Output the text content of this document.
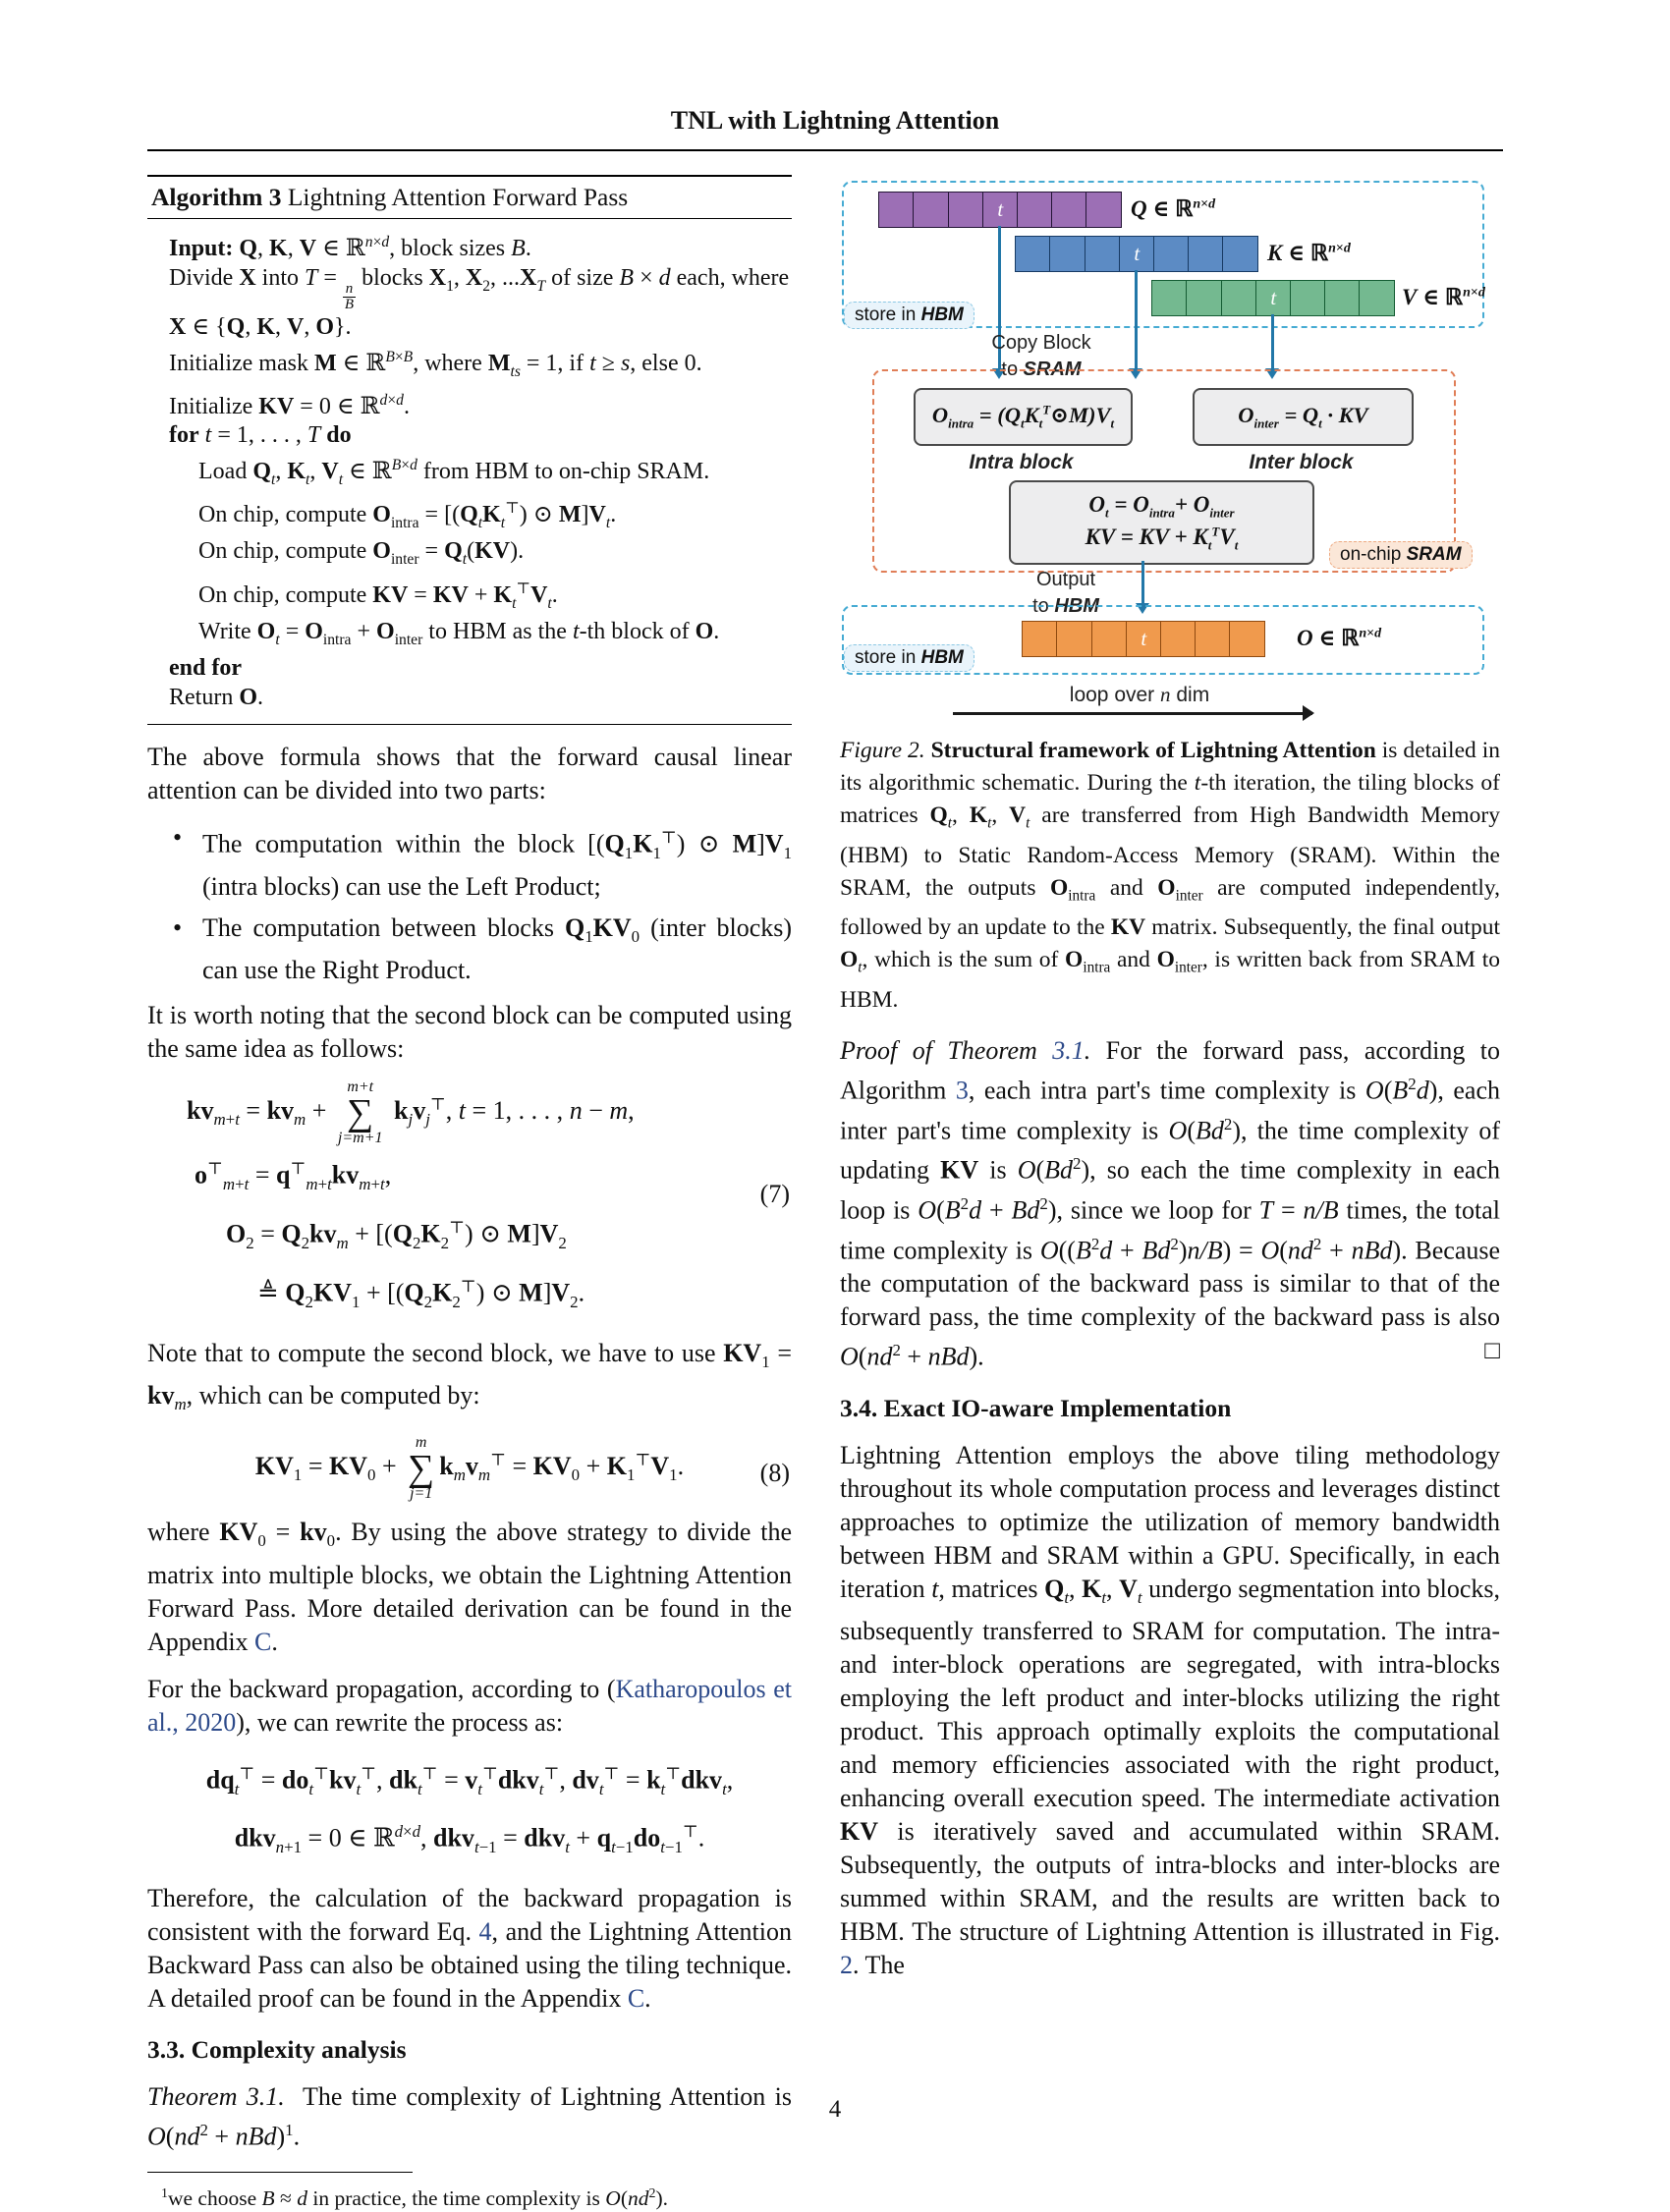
TNL with Lightning Attention
Algorithm 3 Lightning Attention Forward Pass
Input: Q, K, V ∈ ℝ$^{n\times d}$, block sizes B.
Divide X into T =
$\frac{n}{B}$
blocks $X_1$, $X_2$, $...X_T$ of size B × d each, where X ∈ {Q, K, V, O}.
Initialize mask M ∈ ℝ$^{B\times B}$, where $M_{ts} = 1$, if t ≥ s, else 0.
Initialize KV = 0 ∈ ℝ$^{d\times d}$.
for t = 1, . . . , T do
Load $Q_t$, $K_t$, $V_t$ ∈ ℝ$^{B\times d}$ from HBM to on-chip SRAM.
On chip, compute $O_{intra} = [(Q_tK_t^⊤)$ ⊙ $M]V_t$.
On chip, compute $O_{inter} = Q_t(KV)$.
On chip, compute KV = KV + $K_t^⊤V_t$.
Write $O_t = O_{intra} + O_{inter}$ to HBM as the t-th block of O.
end for
Return O.

The above formula shows that the forward causal linear attention can be divided into two parts:

• The computation within the block [$(Q_1K_1^⊤)$ ⊙ $M]V_1$ (intra blocks) can use the Left Product;
• The computation between blocks $Q_1KV_0$ (inter blocks) can use the Right Product.

It is worth noting that the second block can be computed using the same idea as follows:

$kv_{m+t} = kv_m$ +
m+t
∑
j=m+1
$k_jv_j^⊤$, t = 1, . . . , n − m,
$o^⊤_{m+t} = q^⊤_{m+t}kv_{m+t}$,
$O_2 = Q_2kv_m + [(Q_2K_2^⊤)$ ⊙ $M]V_2$
≜ $Q_2KV_1 + [(Q_2K_2^⊤)$ ⊙ $M]V_2$.
(7)

Note that to compute the second block, we have to use $KV_1 = kv_m$, which can be computed by:

$KV_1 = KV_0$ +
m
∑
j=1
$k_mv_m^⊤ = KV_0 + K_1^⊤V_1$.	(8)

where $KV_0 = kv_0$. By using the above strategy to divide the matrix into multiple blocks, we obtain the Lightning Attention Forward Pass. More detailed derivation can be found in the Appendix C.

For the backward propagation, according to (Katharopoulos et al., 2020), we can rewrite the process as:

$dq_t^⊤ = do_t^⊤kv_t^⊤$, $dk_t^⊤ = v_t^⊤dkv_t^⊤$, $dv_t^⊤ = k_t^⊤dkv_t$,
dkv$_{n+1}$ = 0 ∈ ℝ$^{d\times d}$, $dkv_{t-1} = dkv_t + q_{t-1}do_{t-1}^⊤$.

Therefore, the calculation of the backward propagation is consistent with the forward Eq. 4, and the Lightning Attention Backward Pass can also be obtained using the tiling technique. A detailed proof can be found in the Appendix C.

3.3. Complexity analysis

Theorem 3.1.  The time complexity of Lightning Attention is $O(nd^2 + nBd)^1$.

$^1$we choose B ≈ d in practice, the time complexity is $O(nd^2)$.

t	Q ∈ ℝ$^{n\times d}$
t	K ∈ ℝ$^{n\times d}$
t	V ∈ ℝ$^{n\times d}$
store in HBM
Copy Block
to SRAM
$O_{intra}$ = $(Q_tK_t^T⊙M)V_t$	$O_{inter} = Q_t$ · KV
Intra block	Inter block
$O_t = O_{intra}+ O_{inter}$
KV = KV + $K_t^TV_t$	on-chip SRAM
Output
to HBM
t	O ∈ ℝ$^{n\times d}$
store in HBM
loop over n dim

Figure 2. Structural framework of Lightning Attention is detailed in its algorithmic schematic. During the t-th iteration, the tiling blocks of matrices $Q_t$, $K_t$, $V_t$ are transferred from High Bandwidth Memory (HBM) to Static Random-Access Memory (SRAM). Within the SRAM, the outputs $O_{intra}$ and $O_{inter}$ are computed independently, followed by an update to the KV matrix. Subsequently, the final output $O_t$, which is the sum of $O_{intra}$ and $O_{inter}$, is written back from SRAM to HBM.

Proof of Theorem 3.1. For the forward pass, according to Algorithm 3, each intra part's time complexity is $O(B^2d)$, each inter part's time complexity is O(Bd$^2$), the time complexity of updating KV is O(Bd$^2$), so each the time complexity in each loop is $O(B^2d + Bd^2)$, since we loop for T = n/B times, the total time complexity is $O((B^2d + Bd^2)n/B) = O(nd^2 + nBd)$. Because the computation of the backward pass is similar to that of the forward pass, the time complexity of the backward pass is also $O(nd^2 + nBd)$.	□

3.4. Exact IO-aware Implementation

Lightning Attention employs the above tiling methodology throughout its whole computation process and leverages distinct approaches to optimize the utilization of memory bandwidth between HBM and SRAM within a GPU. Specifically, in each iteration t, matrices $Q_t$, $K_t$, $V_t$ undergo segmentation into blocks, subsequently transferred to SRAM for computation. The intra- and inter-block operations are segregated, with intra-blocks employing the left product and inter-blocks utilizing the right product. This approach optimally exploits the computational and memory efficiencies associated with the right product, enhancing overall execution speed. The intermediate activation KV is iteratively saved and accumulated within SRAM. Subsequently, the outputs of intra-blocks and inter-blocks are summed within SRAM, and the results are written back to HBM. The structure of Lightning Attention is illustrated in Fig. 2. The

4
